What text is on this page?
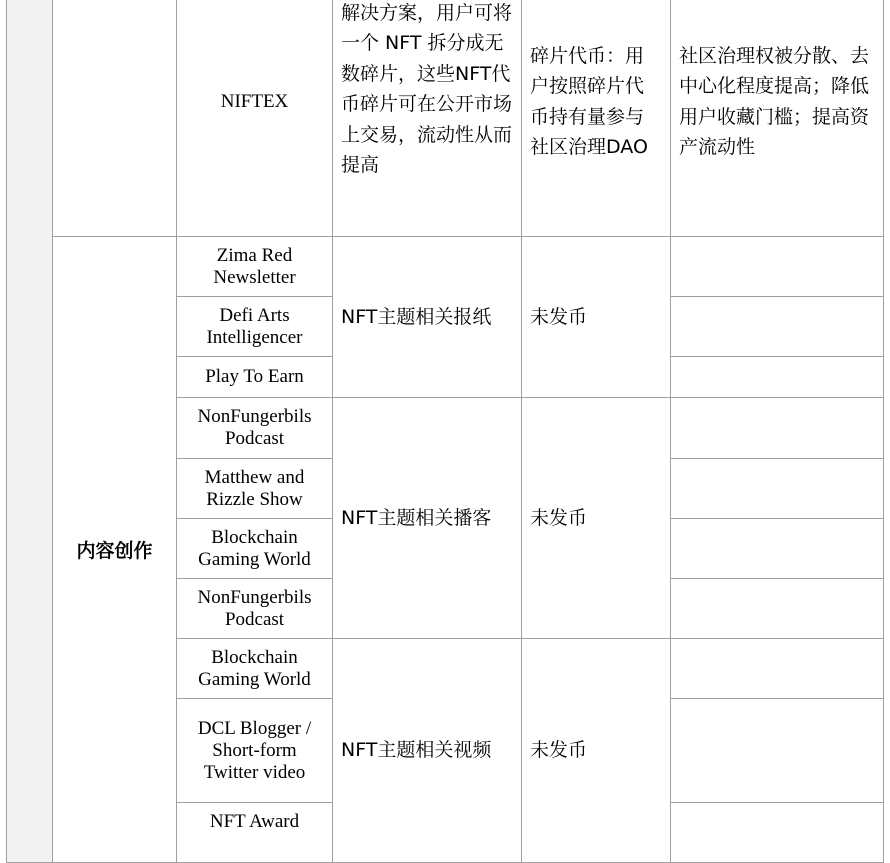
		NIFTEX	解决方案，用户可将一个 NFT 拆分成无数碎片，这些NFT代币碎片可在公开市场上交易，流动性从而提高	碎片代币：用户按照碎片代币持有量参与社区治理DAO	社区治理权被分散、去中心化程度提高；降低用户收藏门槛；提高资产流动性
	内容创作	Zima Red Newsletter	NFT主题相关报纸	未发币	
		Defi Arts Intelligencer			
		Play To Earn			
		NonFungerbils Podcast	NFT主题相关播客	未发币	
		Matthew and Rizzle Show			
		Blockchain Gaming World			
		NonFungerbils Podcast			
		Blockchain Gaming World	NFT主题相关视频	未发币	
		DCL Blogger / Short-form Twitter video			
		NFT Award			
